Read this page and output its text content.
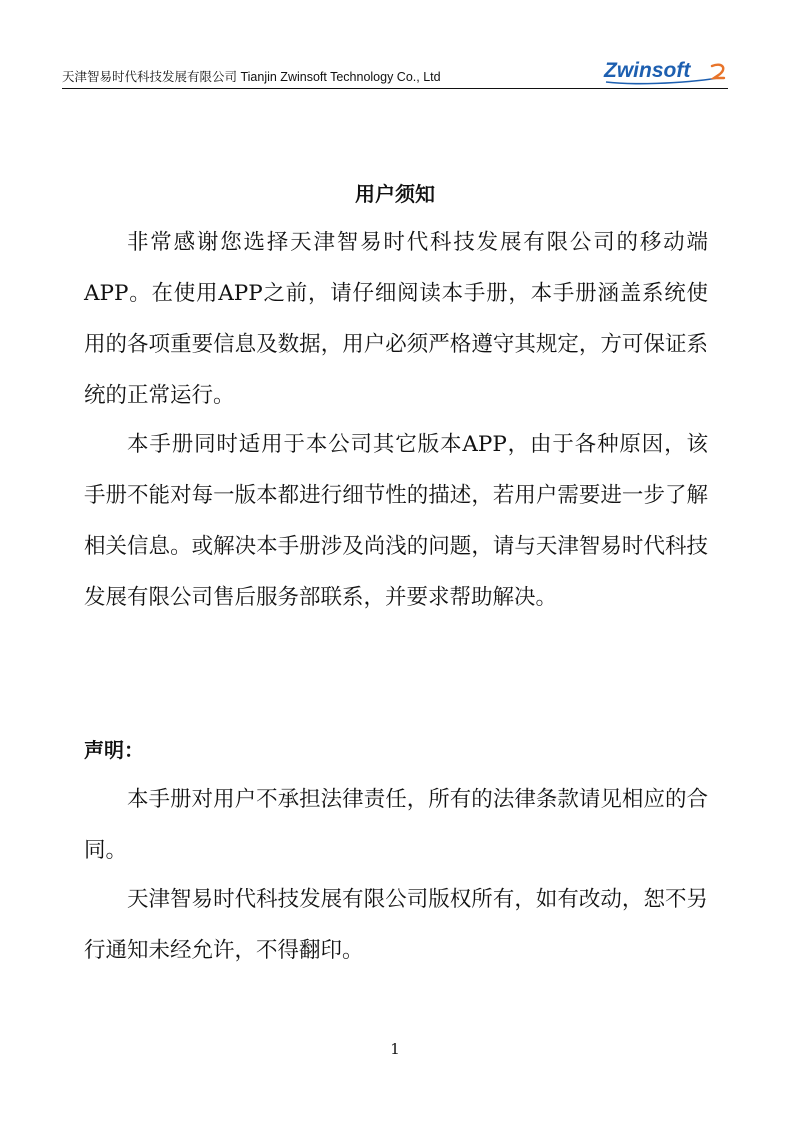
天津智易时代科技发展有限公司 Tianjin Zwinsoft Technology Co., Ltd	Zwinsoft
用户须知

非常感谢您选择天津智易时代科技发展有限公司的移动端APP。在使用APP之前，请仔细阅读本手册，本手册涵盖系统使用的各项重要信息及数据，用户必须严格遵守其规定，方可保证系统的正常运行。

本手册同时适用于本公司其它版本APP，由于各种原因，该手册不能对每一版本都进行细节性的描述，若用户需要进一步了解相关信息。或解决本手册涉及尚浅的问题，请与天津智易时代科技发展有限公司售后服务部联系，并要求帮助解决。

声明：

本手册对用户不承担法律责任，所有的法律条款请见相应的合同。

天津智易时代科技发展有限公司版权所有，如有改动，恕不另行通知未经允许，不得翻印。

1
